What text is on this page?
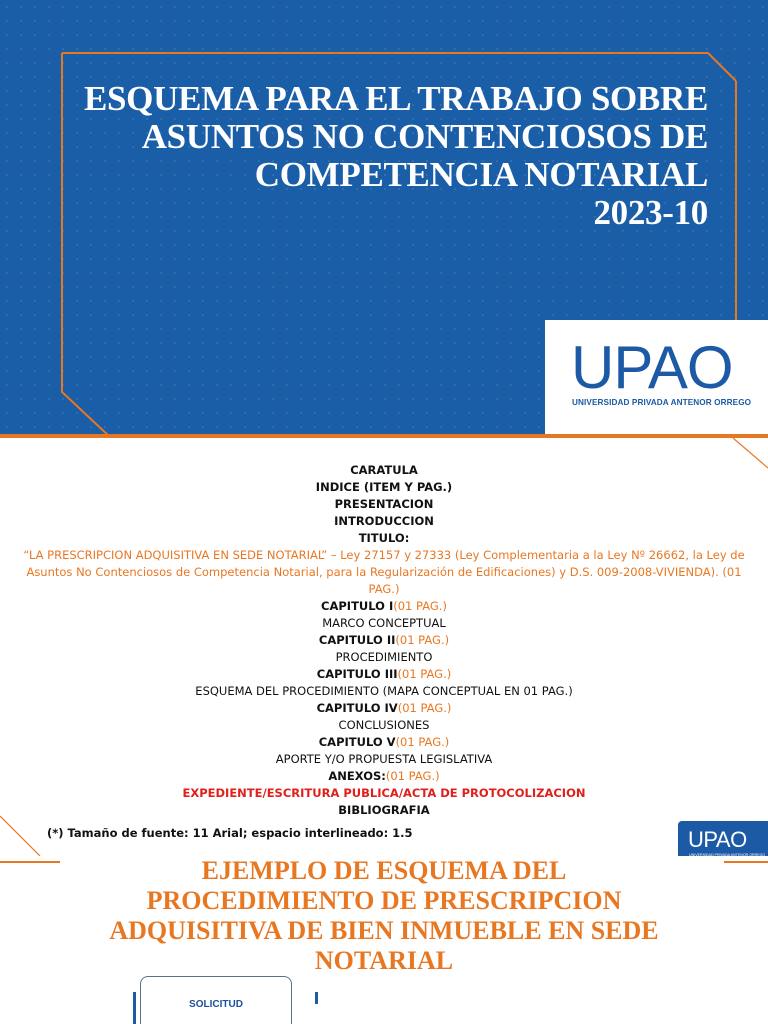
ESQUEMA PARA EL TRABAJO SOBRE
ASUNTOS NO CONTENCIOSOS DE
COMPETENCIA NOTARIAL
2023-10
UPAO
UNIVERSIDAD PRIVADA ANTENOR ORREGO
CARATULA
INDICE (ITEM Y PAG.)
PRESENTACION
INTRODUCCION
TITULO:
“LA PRESCRIPCION ADQUISITIVA EN SEDE NOTARIAL” – Ley 27157 y 27333 (Ley Complementaria a la Ley Nº 26662, la Ley de Asuntos No Contenciosos de Competencia Notarial, para la Regularización de Edificaciones) y D.S. 009-2008-VIVIENDA). (01 PAG.)
CAPITULO I(01 PAG.)
MARCO CONCEPTUAL
CAPITULO II(01 PAG.)
PROCEDIMIENTO
CAPITULO III(01 PAG.)
ESQUEMA DEL PROCEDIMIENTO (MAPA CONCEPTUAL EN 01 PAG.)
CAPITULO IV(01 PAG.)
CONCLUSIONES
CAPITULO V(01 PAG.)
APORTE Y/O PROPUESTA LEGISLATIVA
ANEXOS:(01 PAG.)
EXPEDIENTE/ESCRITURA PUBLICA/ACTA DE PROTOCOLIZACION
BIBLIOGRAFIA
(*) Tamaño de fuente: 11 Arial; espacio interlineado: 1.5	UPAO
UNIVERSIDAD PRIVADA ANTENOR ORREGO
EJEMPLO DE ESQUEMA DEL
PROCEDIMIENTO DE PRESCRIPCION
ADQUISITIVA DE BIEN INMUEBLE EN SEDE
NOTARIAL
SOLICITUD
